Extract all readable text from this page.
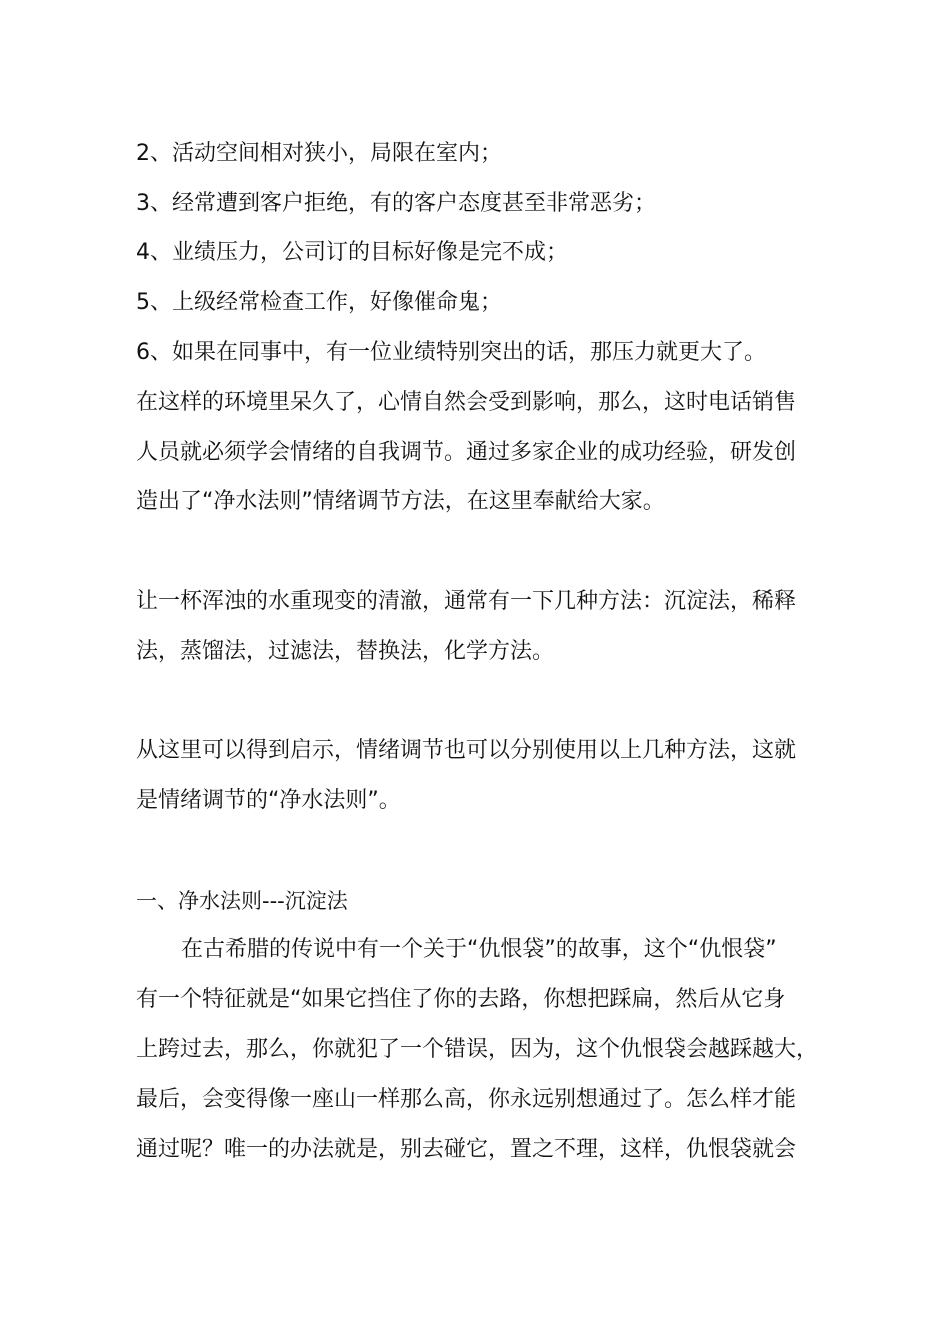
2、活动空间相对狭小，局限在室内；
3、经常遭到客户拒绝，有的客户态度甚至非常恶劣；
4、业绩压力，公司订的目标好像是完不成；
5、上级经常检查工作，好像催命鬼；
6、如果在同事中，有一位业绩特别突出的话，那压力就更大了。
在这样的环境里呆久了，心情自然会受到影响，那么，这时电话销售
人员就必须学会情绪的自我调节。通过多家企业的成功经验，研发创
造出了“净水法则”情绪调节方法，在这里奉献给大家。
让一杯浑浊的水重现变的清澈，通常有一下几种方法：沉淀法，稀释
法，蒸馏法，过滤法，替换法，化学方法。
从这里可以得到启示，情绪调节也可以分别使用以上几种方法，这就
是情绪调节的“净水法则”。
一、净水法则---沉淀法
在古希腊的传说中有一个关于“仇恨袋”的故事，这个“仇恨袋”
有一个特征就是“如果它挡住了你的去路，你想把踩扁，然后从它身
上跨过去，那么，你就犯了一个错误，因为，这个仇恨袋会越踩越大，
最后，会变得像一座山一样那么高，你永远别想通过了。怎么样才能
通过呢？唯一的办法就是，别去碰它，置之不理，这样，仇恨袋就会
